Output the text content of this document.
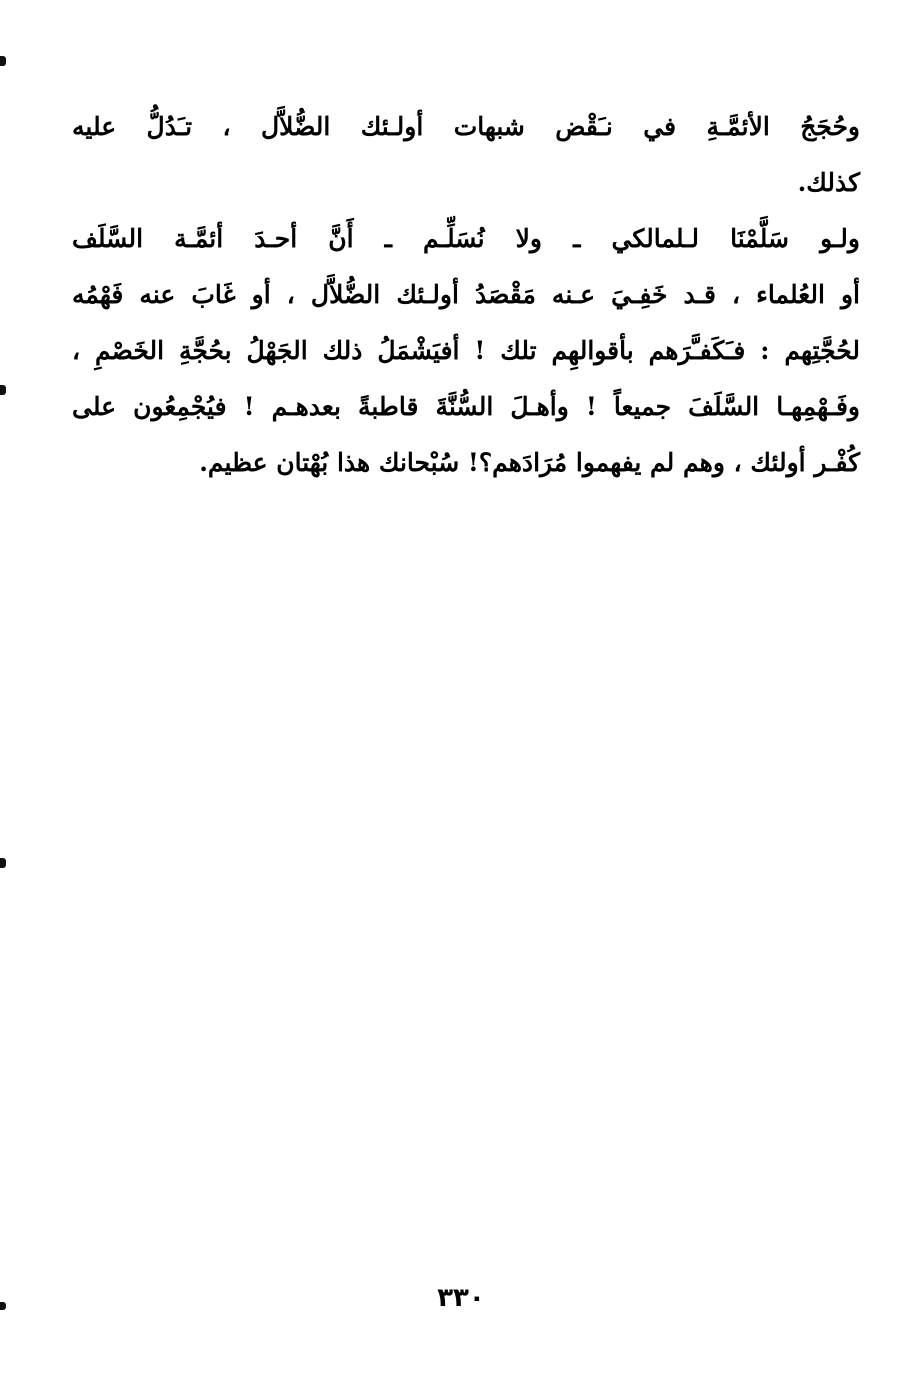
وحُجَجُ الأئمَّـةِ في نـَقْض شبهات أولـئك الضُّلاَّل ، تـَدُلُّ عليه
كذلك.
ولـو سَلَّمْنَا لـلمالكي ـ ولا نُسَلِّـم ـ أَنَّ أحـدَ أئمَّـة السَّلَف
أو العُلماء ، قـد خَفِـيَ عـنه مَقْصَدُ أولـئك الضُّلاَّل ، أو غَابَ عنه فَهْمُه
لحُجَّتِهم : فـَكَفـَّرَهم بأقوالهِم تلك ! أفيَشْمَلُ ذلك الجَهْلُ بحُجَّةِ الخَصْمِ ،
وفَـهْمِهـا السَّلَفَ جميعاً ! وأهـلَ السُّنَّةَ قاطبةً بعدهـم ! فيُجْمِعُون على
كُفْـر أولئك ، وهم لم يفهموا مُرَادَهم؟! سُبْحانك هذا بُهْتان عظيم.
٣٣٠
